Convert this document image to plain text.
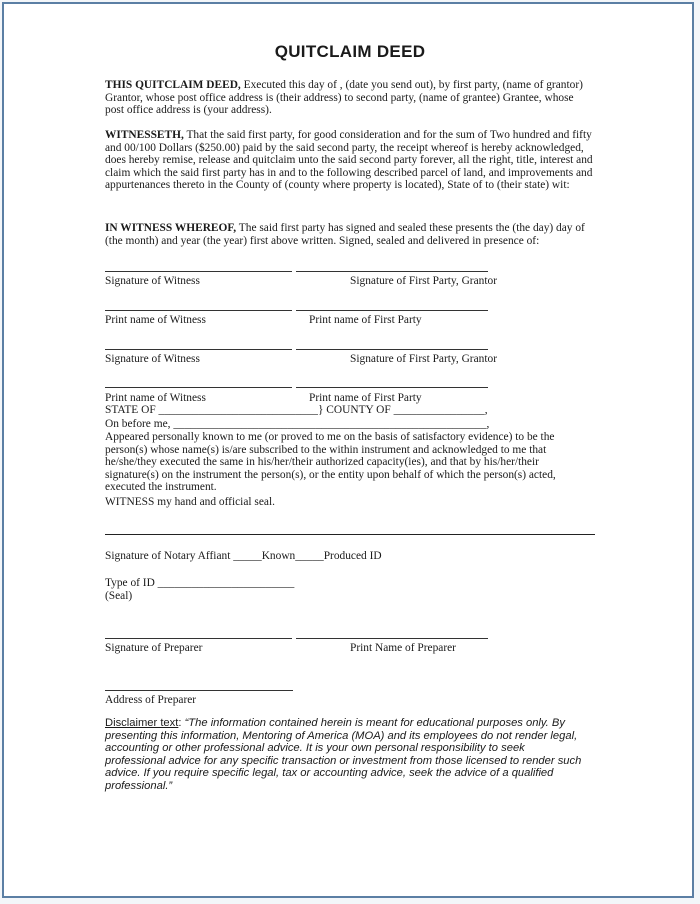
QUITCLAIM DEED
THIS QUITCLAIM DEED, Executed this day of , (date you send out), by first party, (name of grantor) Grantor, whose post office address is (their address) to second party, (name of grantee) Grantee, whose post office address is (your address).
WITNESSETH, That the said first party, for good consideration and for the sum of Two hundred and fifty and 00/100 Dollars ($250.00) paid by the said second party, the receipt whereof is hereby acknowledged, does hereby remise, release and quitclaim unto the said second party forever, all the right, title, interest and claim which the said first party has in and to the following described parcel of land, and improvements and appurtenances thereto in the County of (county where property is located), State of to (their state) wit:
IN WITNESS WHEREOF, The said first party has signed and sealed these presents the (the day) day of (the month) and year (the year) first above written. Signed, sealed and delivered in presence of:
Signature of Witness	Signature of First Party, Grantor
Print name of Witness	Print name of First Party
Signature of Witness	Signature of First Party, Grantor
Print name of Witness	Print name of First Party
STATE OF ____________________________} COUNTY OF ________________,
On before me, _______________________________________________________,
Appeared personally known to me (or proved to me on the basis of satisfactory evidence) to be the person(s) whose name(s) is/are subscribed to the within instrument and acknowledged to me that he/she/they executed the same in his/her/their authorized capacity(ies), and that by his/her/their signature(s) on the instrument the person(s), or the entity upon behalf of which the person(s) acted, executed the instrument.
WITNESS my hand and official seal.
Signature of Notary Affiant _____Known_____Produced ID
Type of ID ________________________
(Seal)
Signature of Preparer	Print Name of Preparer
Address of Preparer
Disclaimer text: “The information contained herein is meant for educational purposes only. By presenting this information, Mentoring of America (MOA) and its employees do not render legal, accounting or other professional advice. It is your own personal responsibility to seek professional advice for any specific transaction or investment from those licensed to render such advice. If you require specific legal, tax or accounting advice, seek the advice of a qualified professional.”
